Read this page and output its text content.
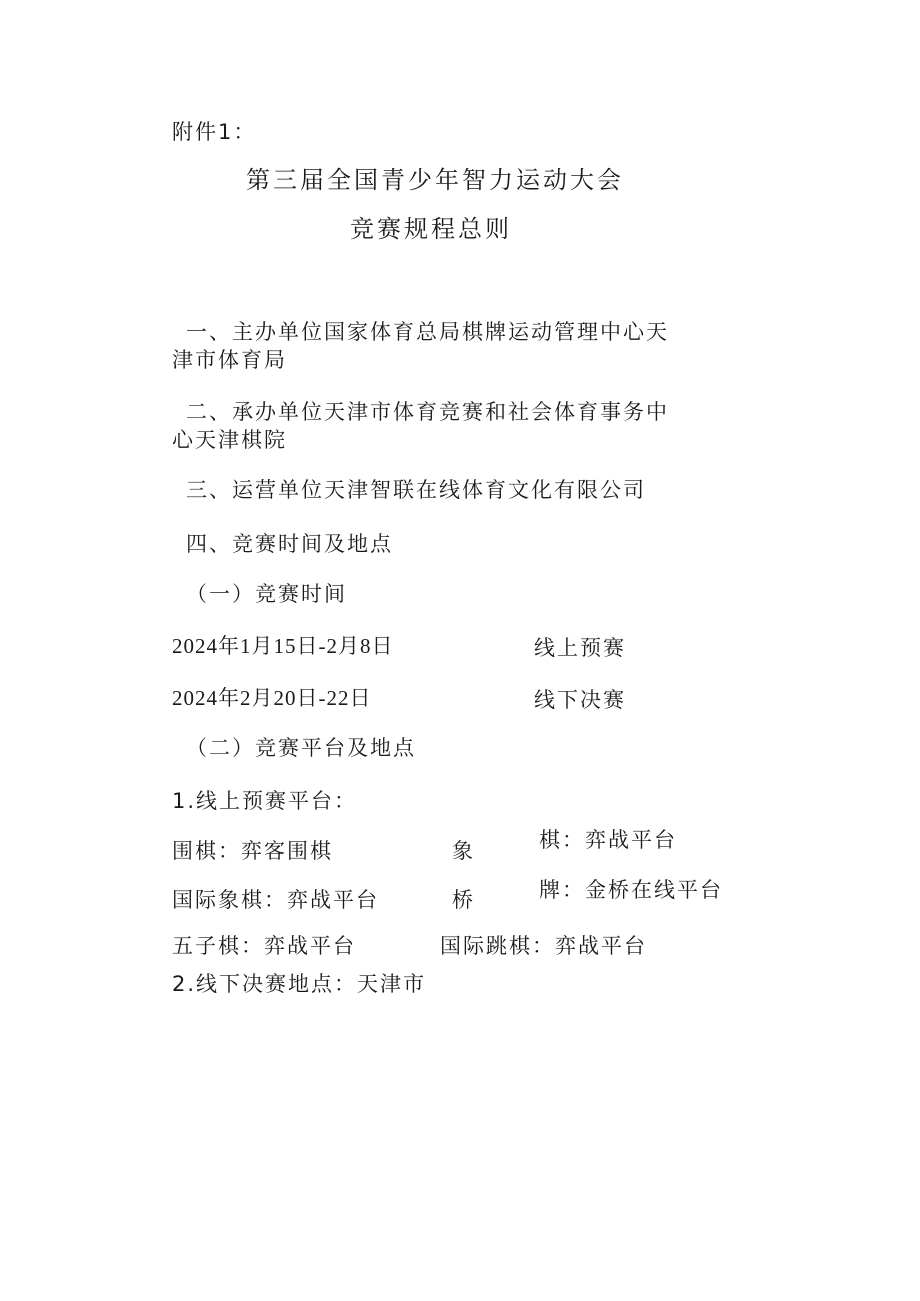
附件1：
第三届全国青少年智力运动大会
竞赛规程总则
一、主办单位国家体育总局棋牌运动管理中心天
津市体育局
二、承办单位天津市体育竞赛和社会体育事务中
心天津棋院
三、运营单位天津智联在线体育文化有限公司
四、竞赛时间及地点
（一）竞赛时间
2024年1月15日-2月8日	线上预赛
2024年2月20日-22日	线下决赛
（二）竞赛平台及地点
1.线上预赛平台：
围棋：弈客围棋	象	棋：弈战平台
国际象棋：弈战平台	桥	牌：金桥在线平台
五子棋：弈战平台	国际跳棋：弈战平台
2.线下决赛地点：天津市
